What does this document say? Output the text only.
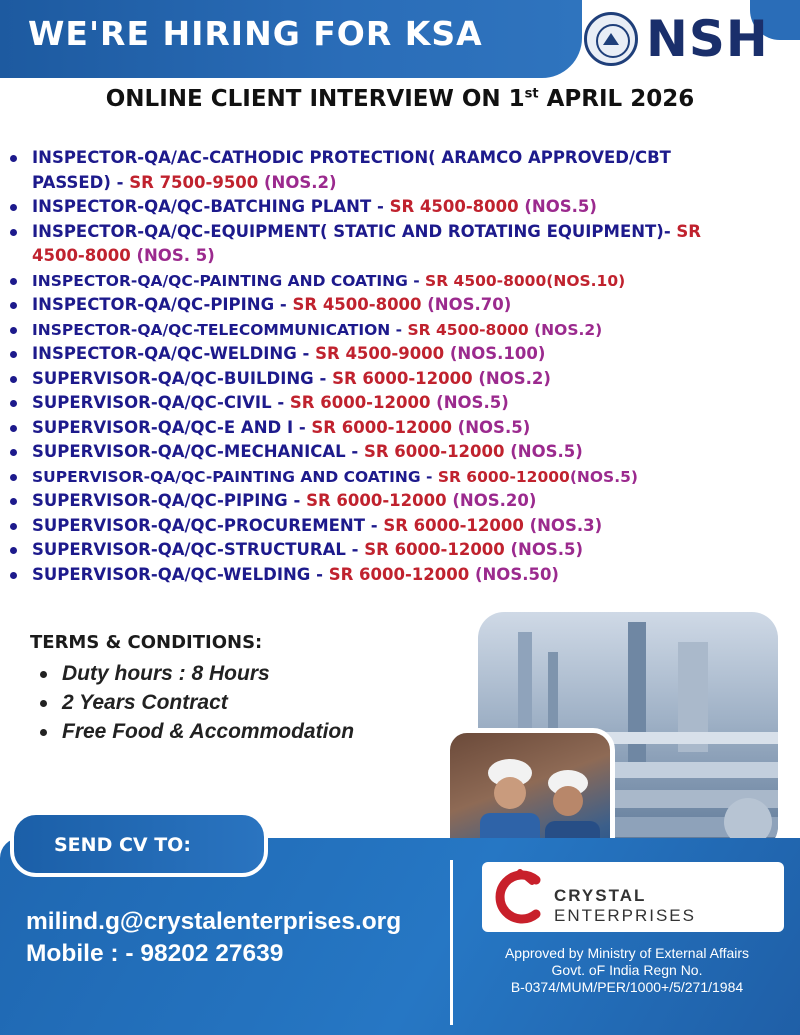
WE'RE HIRING FOR KSA	NSH
ONLINE CLIENT INTERVIEW ON 1st APRIL 2026
INSPECTOR-QA/AC-CATHODIC PROTECTION( ARAMCO APPROVED/CBT PASSED) - SR 7500-9500 (NOS.2)
INSPECTOR-QA/QC-BATCHING PLANT - SR 4500-8000 (NOS.5)
INSPECTOR-QA/QC-EQUIPMENT( STATIC AND ROTATING EQUIPMENT)- SR 4500-8000 (NOS. 5)
INSPECTOR-QA/QC-PAINTING AND COATING - SR 4500-8000(NOS.10)
INSPECTOR-QA/QC-PIPING - SR 4500-8000 (NOS.70)
INSPECTOR-QA/QC-TELECOMMUNICATION - SR 4500-8000 (NOS.2)
INSPECTOR-QA/QC-WELDING - SR 4500-9000 (NOS.100)
SUPERVISOR-QA/QC-BUILDING - SR 6000-12000 (NOS.2)
SUPERVISOR-QA/QC-CIVIL - SR 6000-12000 (NOS.5)
SUPERVISOR-QA/QC-E AND I - SR 6000-12000 (NOS.5)
SUPERVISOR-QA/QC-MECHANICAL - SR 6000-12000 (NOS.5)
SUPERVISOR-QA/QC-PAINTING AND COATING - SR 6000-12000(NOS.5)
SUPERVISOR-QA/QC-PIPING - SR 6000-12000 (NOS.20)
SUPERVISOR-QA/QC-PROCUREMENT - SR 6000-12000 (NOS.3)
SUPERVISOR-QA/QC-STRUCTURAL - SR 6000-12000 (NOS.5)
SUPERVISOR-QA/QC-WELDING - SR 6000-12000 (NOS.50)
TERMS & CONDITIONS:
Duty hours : 8 Hours
2 Years Contract
Free Food & Accommodation
SEND CV TO:
milind.g@crystalenterprises.org
Mobile : - 98202 27639
CRYSTAL ENTERPRISES
Approved by Ministry of External Affairs
Govt. oF India Regn No.
B-0374/MUM/PER/1000+/5/271/1984
